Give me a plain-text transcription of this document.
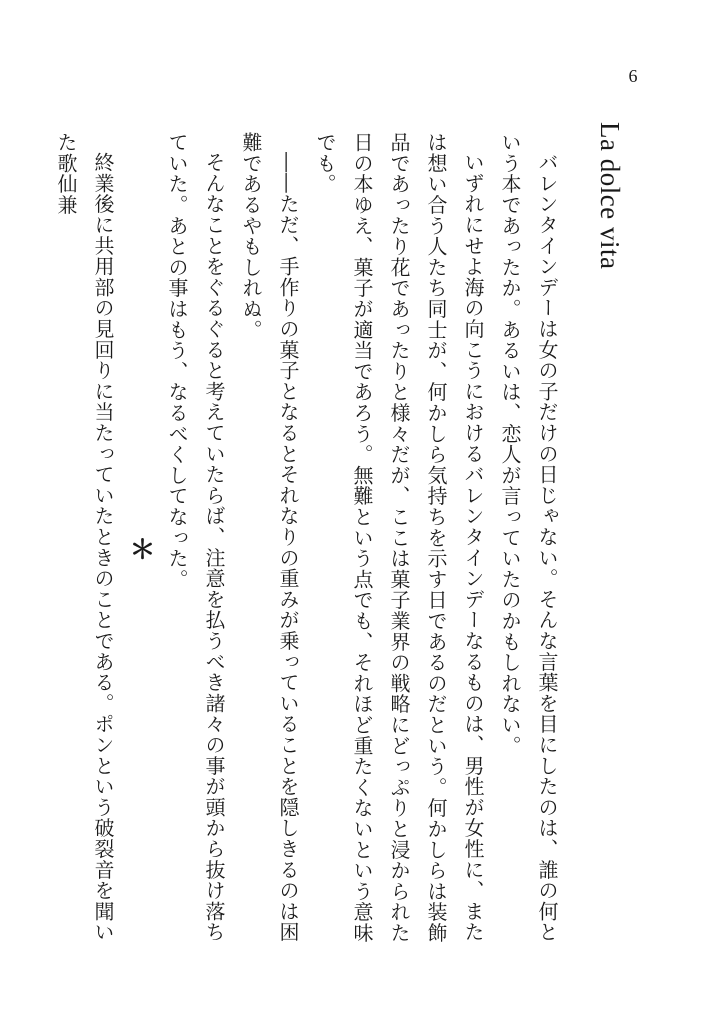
6
La dolce vita

バレンタインデーは女の子だけの日じゃない。そんな言葉を目にしたのは、誰の何という本であったか。あるいは、恋人が言っていたのかもしれない。

いずれにせよ海の向こうにおけるバレンタインデーなるものは、男性が女性に、または想い合う人たち同士が、何かしら気持ちを示す日であるのだという。何かしらは装飾品であったり花であったりと様々だが、ここは菓子業界の戦略にどっぷりと浸かられた日の本ゆえ、菓子が適当であろう。無難という点でも、それほど重たくないという意味でも。

――ただ、手作りの菓子となるとそれなりの重みが乗っていることを隠しきるのは困難であるやもしれぬ。

そんなことをぐるぐると考えていたらば、注意を払うべき諸々の事が頭から抜け落ちていた。あとの事はもう、なるべくしてなった。

＊

終業後に共用部の見回りに当たっていたときのことである。ポンという破裂音を聞いた歌仙兼
